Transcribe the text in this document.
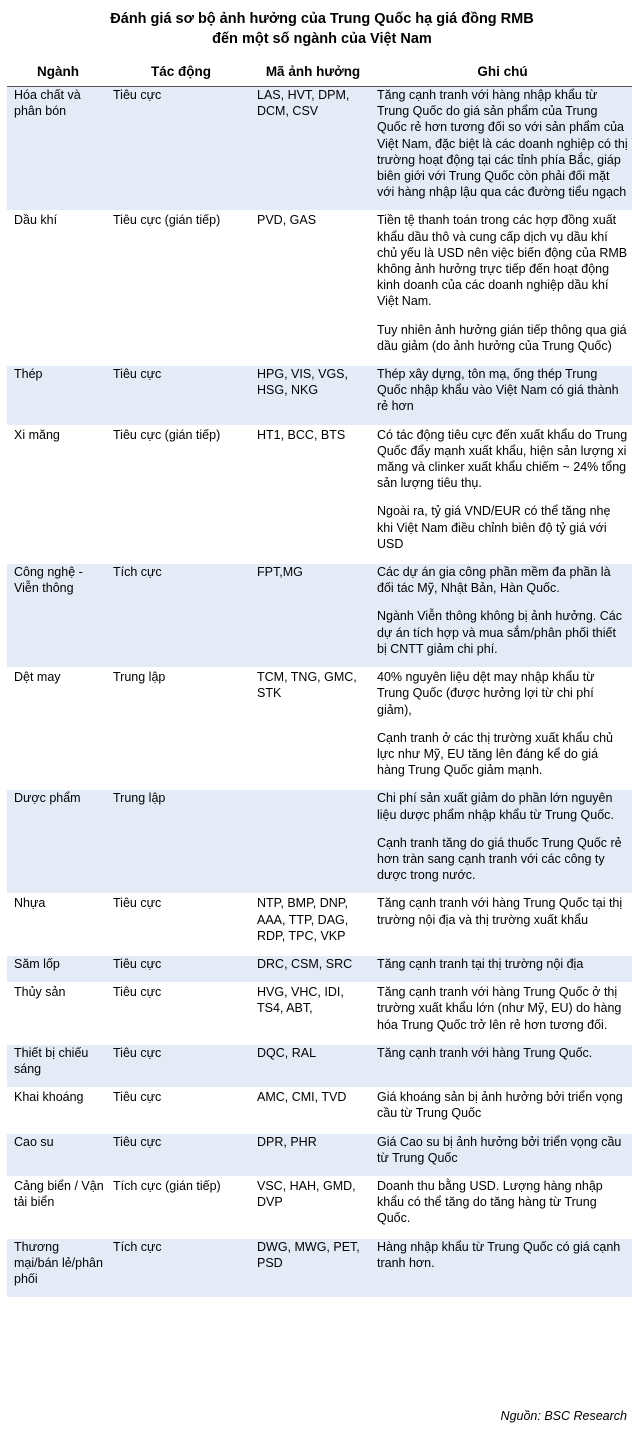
Đánh giá sơ bộ ảnh hưởng của Trung Quốc hạ giá đồng RMB
đến một số ngành của Việt Nam
Ngành	Tác động	Mã ảnh hưởng	Ghi chú
Hóa chất và phân bón	Tiêu cực	LAS, HVT, DPM, DCM, CSV	Tăng cạnh tranh với hàng nhập khẩu từ Trung Quốc do giá sản phẩm của Trung Quốc rẻ hơn tương đối so với sản phẩm của Việt Nam, đặc biệt là các doanh nghiệp có thị trường hoạt động tại các tỉnh phía Bắc, giáp biên giới với Trung Quốc còn phải đối mặt với hàng nhập lậu qua các đường tiểu ngạch

Dầu khí	Tiêu cực (gián tiếp)	PVD, GAS	Tiền tệ thanh toán trong các hợp đồng xuất khẩu dầu thô và cung cấp dịch vụ dầu khí chủ yếu là USD nên việc biến động của RMB không ảnh hưởng trực tiếp đến hoạt động kinh doanh của các doanh nghiệp dầu khí Việt Nam.

Tuy nhiên ảnh hưởng gián tiếp thông qua giá dầu giảm (do ảnh hưởng của Trung Quốc)

Thép	Tiêu cực	HPG, VIS, VGS, HSG, NKG	Thép xây dựng, tôn mạ, ống thép Trung Quốc nhập khẩu vào Việt Nam có giá thành rẻ hơn

Xi măng	Tiêu cực (gián tiếp)	HT1, BCC, BTS	Có tác động tiêu cực đến xuất khẩu do Trung Quốc đẩy mạnh xuất khẩu, hiện sản lượng xi măng và clinker xuất khẩu chiếm ~ 24% tổng sản lượng tiêu thụ.

Ngoài ra, tỷ giá VND/EUR có thể tăng nhẹ khi Việt Nam điều chỉnh biên độ tỷ giá với USD

Công nghệ - Viễn thông	Tích cực	FPT,MG	Các dự án gia công phần mềm đa phần là đối tác Mỹ, Nhật Bản, Hàn Quốc.

Ngành Viễn thông không bị ảnh hưởng. Các dự án tích hợp và mua sắm/phân phối thiết bị CNTT giảm chi phí.

Dệt may	Trung lập	TCM, TNG, GMC, STK	40% nguyên liệu dệt may nhập khẩu từ Trung Quốc (được hưởng lợi từ chi phí giảm),

Cạnh tranh ở các thị trường xuất khẩu chủ lực như Mỹ, EU tăng lên đáng kể do giá hàng Trung Quốc giảm mạnh.

Dược phẩm	Trung lập		Chi phí sản xuất giảm do phần lớn nguyên liệu dược phẩm nhập khẩu từ Trung Quốc.

Cạnh tranh tăng do giá thuốc Trung Quốc rẻ hơn tràn sang cạnh tranh với các công ty dược trong nước.

Nhựa	Tiêu cực	NTP, BMP, DNP, AAA, TTP, DAG, RDP, TPC, VKP	Tăng cạnh tranh với hàng Trung Quốc tại thị trường nội địa và thị trường xuất khẩu

Săm lốp	Tiêu cực	DRC, CSM, SRC	Tăng cạnh tranh tại thị trường nội địa

Thủy sản	Tiêu cực	HVG, VHC, IDI, TS4, ABT,	Tăng cạnh tranh với hàng Trung Quốc ở thị trường xuất khẩu lớn (như Mỹ, EU) do hàng hóa Trung Quốc trở lên rẻ hơn tương đối.

Thiết bị chiếu sáng	Tiêu cực	DQC, RAL	Tăng cạnh tranh với hàng Trung Quốc.

Khai khoáng	Tiêu cực	AMC, CMI, TVD	Giá khoáng sản bị ảnh hưởng bởi triển vọng cầu từ Trung Quốc

Cao su	Tiêu cực	DPR, PHR	Giá Cao su bị ảnh hưởng bởi triển vọng cầu từ Trung Quốc

Cảng biển / Vận tải biển	Tích cực (gián tiếp)	VSC, HAH, GMD, DVP	Doanh thu bằng USD. Lượng hàng nhập khẩu có thể tăng do tăng hàng từ Trung Quốc.

Thương mại/bán lẻ/phân phối	Tích cực	DWG, MWG, PET, PSD	Hàng nhập khẩu từ Trung Quốc có giá cạnh tranh hơn.

Nguồn: BSC Research
